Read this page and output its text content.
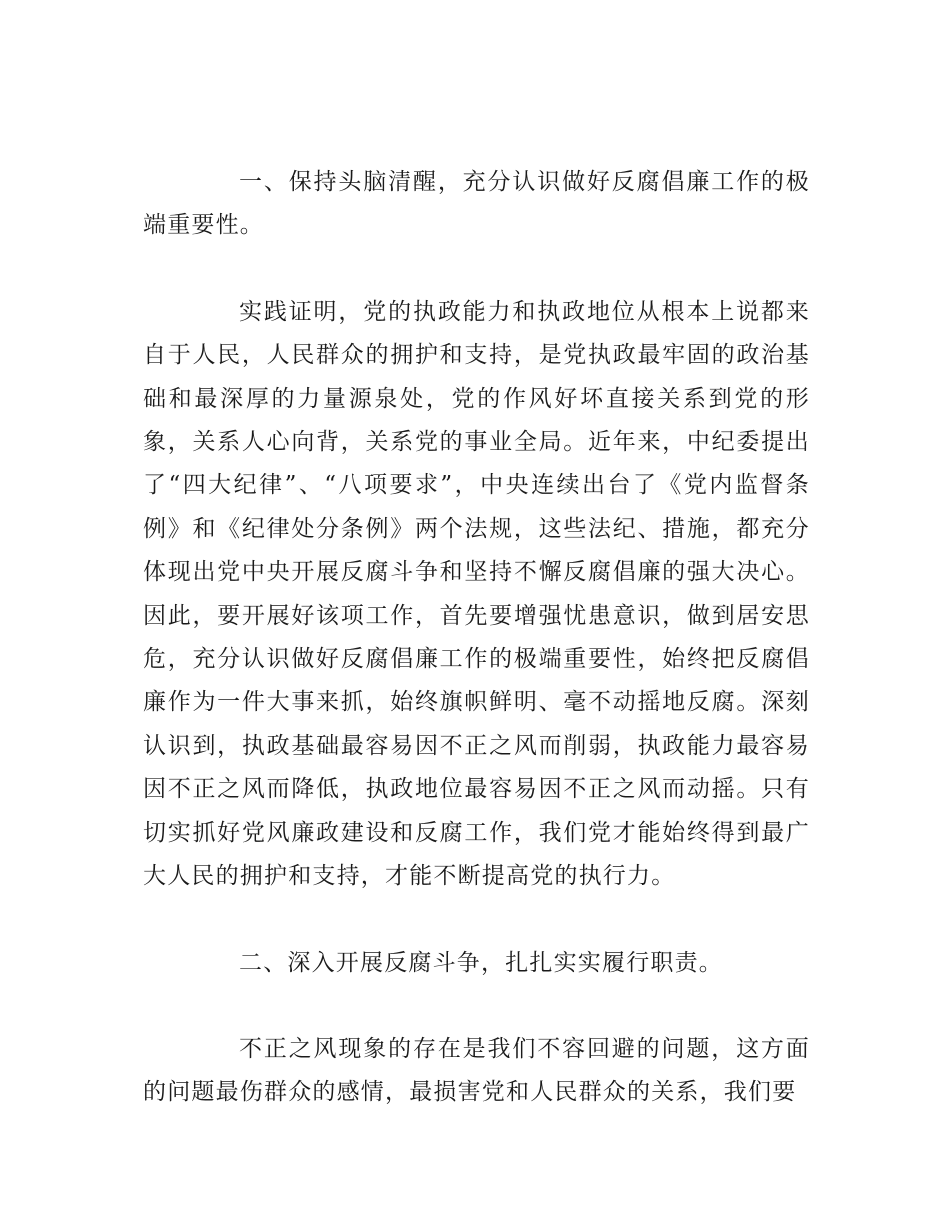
一、保持头脑清醒，充分认识做好反腐倡廉工作的极端重要性。

实践证明，党的执政能力和执政地位从根本上说都来自于人民，人民群众的拥护和支持，是党执政最牢固的政治基础和最深厚的力量源泉处，党的作风好坏直接关系到党的形象，关系人心向背，关系党的事业全局。近年来，中纪委提出了“四大纪律”、“八项要求”，中央连续出台了《党内监督条例》和《纪律处分条例》两个法规，这些法纪、措施，都充分体现出党中央开展反腐斗争和坚持不懈反腐倡廉的强大决心。因此，要开展好该项工作，首先要增强忧患意识，做到居安思危，充分认识做好反腐倡廉工作的极端重要性，始终把反腐倡廉作为一件大事来抓，始终旗帜鲜明、毫不动摇地反腐。深刻认识到，执政基础最容易因不正之风而削弱，执政能力最容易因不正之风而降低，执政地位最容易因不正之风而动摇。只有切实抓好党风廉政建设和反腐工作，我们党才能始终得到最广大人民的拥护和支持，才能不断提高党的执行力。

二、深入开展反腐斗争，扎扎实实履行职责。

不正之风现象的存在是我们不容回避的问题，这方面的问题最伤群众的感情，最损害党和人民群众的关系，我们要
